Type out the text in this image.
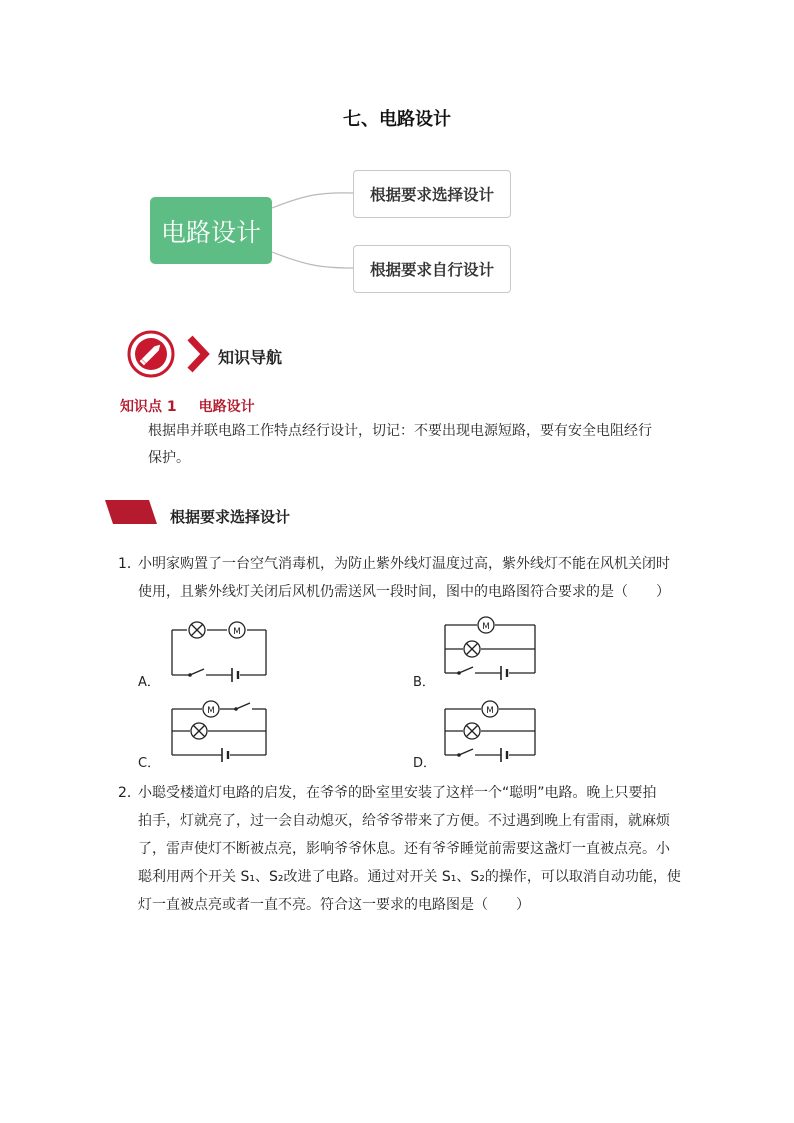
七、电路设计
电路设计
根据要求选择设计
根据要求自行设计
知识导航
知识点 1 电路设计
根据串并联电路工作特点经行设计，切记：不要出现电源短路，要有安全电阻经行
保护。
根据要求选择设计
1．小明家购置了一台空气消毒机，为防止紫外线灯温度过高，紫外线灯不能在风机关闭时
使用，且紫外线灯关闭后风机仍需送风一段时间，图中的电路图符合要求的是（　　）
A．	B．
C．	D．
M	M
M	M
2．小聪受楼道灯电路的启发，在爷爷的卧室里安装了这样一个“聪明”电路。晚上只要拍
拍手，灯就亮了，过一会自动熄灭，给爷爷带来了方便。不过遇到晚上有雷雨，就麻烦
了，雷声使灯不断被点亮，影响爷爷休息。还有爷爷睡觉前需要这盏灯一直被点亮。小
聪利用两个开关 S₁、S₂改进了电路。通过对开关 S₁、S₂的操作，可以取消自动功能，使
灯一直被点亮或者一直不亮。符合这一要求的电路图是（　　）
